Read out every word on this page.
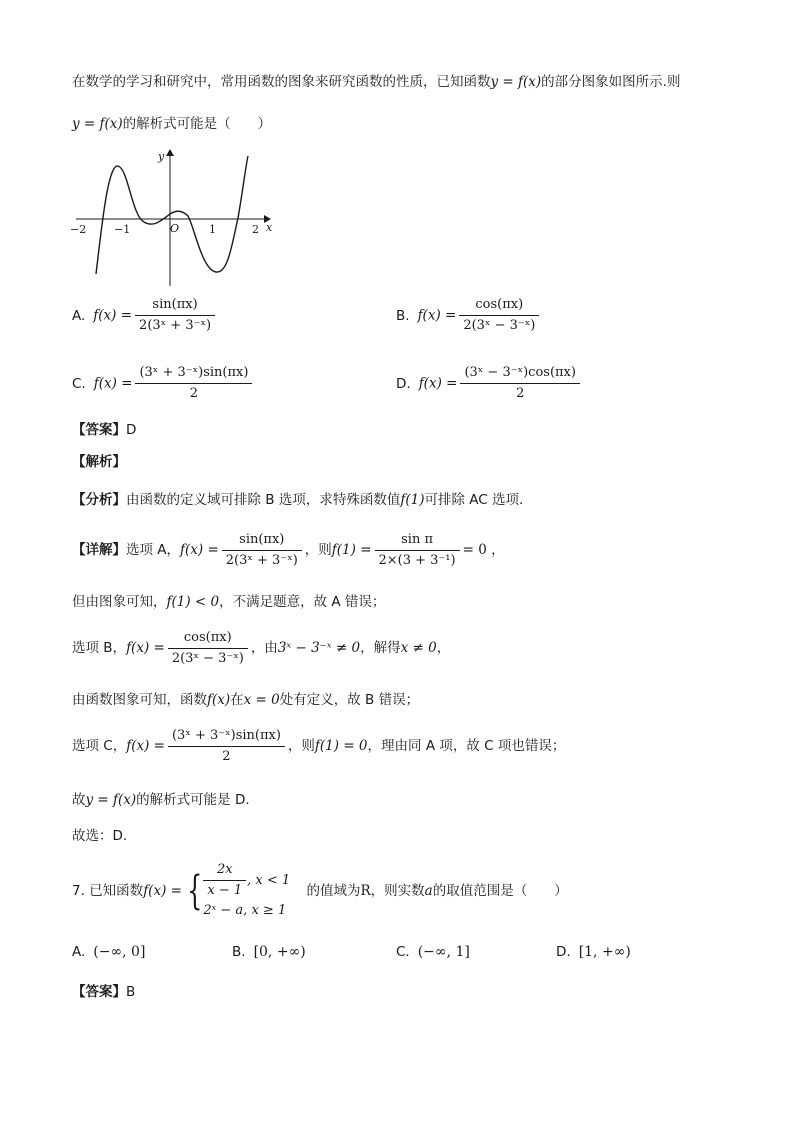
在数学的学习和研究中，常用函数的图象来研究函数的性质，已知函数y = f(x)的部分图象如图所示.则
y = f(x)的解析式可能是（　　）
y
x
O
−2	−1	1	2
A. $f(x) = \frac{\sin(\pi x)}{\text{2(3ˣ + 3⁻ˣ)}}$	B. $f(x) = \frac{\cos(\pi x)}{\text{2(3ˣ − 3⁻ˣ)}}$
C. $f(x) = \frac{\text{(3ˣ + 3⁻ˣ)sin(πx)}}{2}$	D. $f(x) = \frac{\text{(3ˣ − 3⁻ˣ)cos(πx)}}{2}$
【答案】D
【解析】
【分析】由函数的定义域可排除 B 选项，求特殊函数值f(1)可排除 AC 选项.
【详解】选项 A，$f(x) = \frac{\sin(\pi x)}{\text{2(3ˣ + 3⁻ˣ)}}$ ，则$f(1) = \frac{\text{sin π}}{\text{2×(3 + 3⁻¹)}} = 0$ ，
但由图象可知，f(1) < 0，不满足题意，故 A 错误；
选项 B，$f(x) = \frac{\cos(\pi x)}{\text{2(3ˣ − 3⁻ˣ)}}$ ，由3ˣ − 3⁻ˣ ≠ 0，解得x ≠ 0，
由函数图象可知，函数f(x)在x = 0处有定义，故 B 错误；
选项 C，$f(x) = \frac{\text{(3ˣ + 3⁻ˣ)sin(πx)}}{2}$ ，则f(1) = 0，理由同 A 项，故 C 项也错误；
故y = f(x)的解析式可能是 D.
故选：D.
7. 已知函数f(x) = { $\frac{2x}{x - 1}$ , x < 1
2ˣ − a, x ≥ 1
的值域为R，则实数a的取值范围是（　　）
A. (−∞, 0]	B. [0, +∞)	C. (−∞, 1]	D. [1, +∞)
【答案】B
